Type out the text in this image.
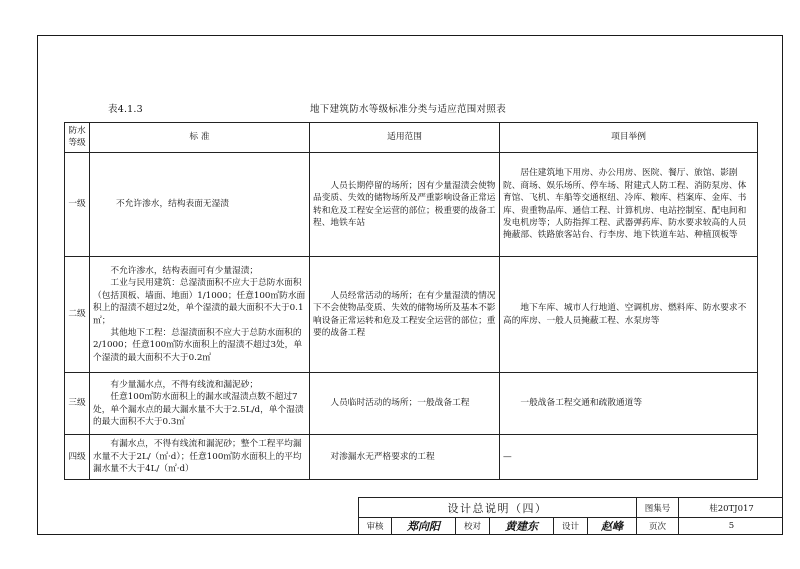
表4.1.3	地下建筑防水等级标准分类与适应范围对照表
防水
等级	标 准	适用范围	项目举例
一级	不允许渗水，结构表面无湿渍	人员长期停留的场所；因有少量湿渍会使物品变质、失效的储物场所及严重影响设备正常运转和危及工程安全运营的部位；极重要的战备工程、地铁车站	居住建筑地下用房、办公用房、医院、餐厅、旅馆、影剧院、商场、娱乐场所、停车场、附建式人防工程、消防泵房、体育馆、飞机、车船等交通枢纽、冷库、粮库、档案库、金库、书库、贵重物品库、通信工程、计算机房、电站控制室、配电间和发电机房等；人防指挥工程、武器弹药库、防水要求较高的人员掩蔽部、铁路旅客站台、行李房、地下铁道车站、种植顶板等

二级	不允许渗水，结构表面可有少量湿渍；
工业与民用建筑：总湿渍面积不应大于总防水面积（包括顶板、墙面、地面）1/1000；任意100㎡防水面积上的湿渍不超过2处，单个湿渍的最大面积不大于0.1㎡；
其他地下工程：总湿渍面积不应大于总防水面积的2/1000；任意100㎡防水面积上的湿渍不超过3处，单个湿渍的最大面积不大于0.2㎡	人员经常活动的场所；在有少量湿渍的情况下不会使物品变质、失效的储物场所及基本不影响设备正常运转和危及工程安全运营的部位；重要的战备工程	地下车库、城市人行地道、空调机房、燃料库、防水要求不高的库房、一般人员掩蔽工程、水泵房等

三级	有少量漏水点，不得有线流和漏泥砂；
任意100㎡防水面积上的漏水或湿渍点数不超过7处，单个漏水点的最大漏水量不大于2.5L/d，单个湿渍的最大面积不大于0.3㎡	人员临时活动的场所；一般战备工程	一般战备工程交通和疏散通道等

四级	有漏水点，不得有线流和漏泥砂；整个工程平均漏水量不大于2L/（㎡·d）；任意100㎡防水面积上的平均漏水量不大于4L/（㎡·d）	对渗漏水无严格要求的工程	—
设计总说明（四）	图集号	桂20TJ017
审核	郑向阳	校对	黄建东	设计	赵峰	页次	5
